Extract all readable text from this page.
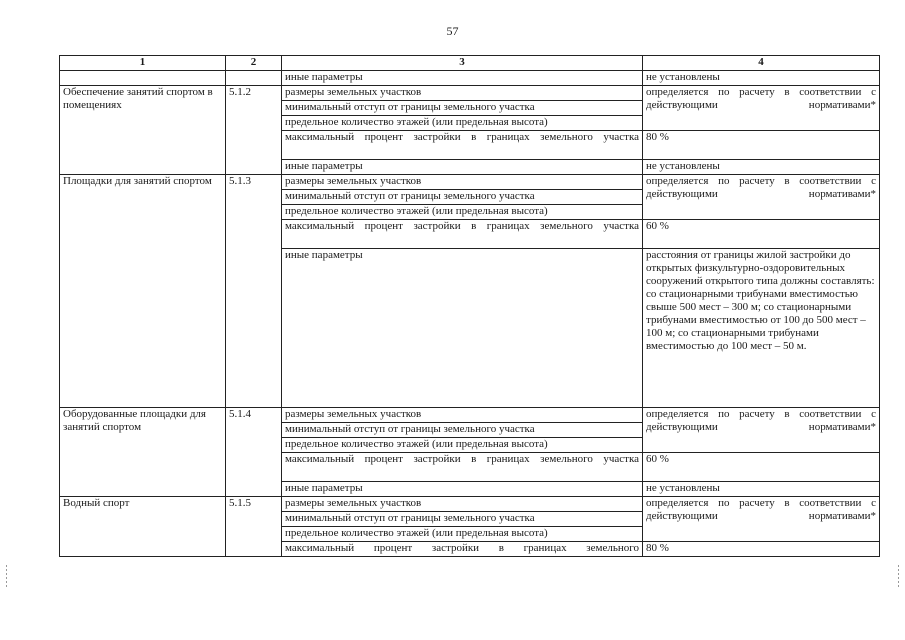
57
1	2	3	4
		иные параметры	не установлены
Обеспечение занятий спортом в помещениях	5.1.2	размеры земельных участков	определяется по расчету в соответствии с действующими нормативами*

		минимальный отступ от границы земельного участка	
		предельное количество этажей (или предельная высота)	

		максимальный процент застройки в границах земельного участка	80 %
		иные параметры	не установлены
Площадки для занятий спортом	5.1.3	размеры земельных участков	определяется по расчету в соответствии с действующими нормативами*

		минимальный отступ от границы земельного участка	
		предельное количество этажей (или предельная высота)	

		максимальный процент застройки в границах земельного участка	60 %
		иные параметры	расстояния от границы жилой застройки до открытых физкультурно-оздоровительных сооружений открытого типа должны составлять: со стационарными трибунами вместимостью свыше 500 мест – 300 м; со стационарными трибунами вместимостью от 100 до 500 мест – 100 м; со стационарными трибунами вместимостью до 100 мест – 50 м.
Оборудованные площадки для занятий спортом	5.1.4	размеры земельных участков	определяется по расчету в соответствии с действующими нормативами*

		минимальный отступ от границы земельного участка	
		предельное количество этажей (или предельная высота)	

		максимальный процент застройки в границах земельного участка	60 %
		иные параметры	не установлены
Водный спорт	5.1.5	размеры земельных участков	определяется по расчету в соответствии с действующими нормативами*

		минимальный отступ от границы земельного участка	
		предельное количество этажей (или предельная высота)	

		максимальный процент застройки в границах земельного	80 %
